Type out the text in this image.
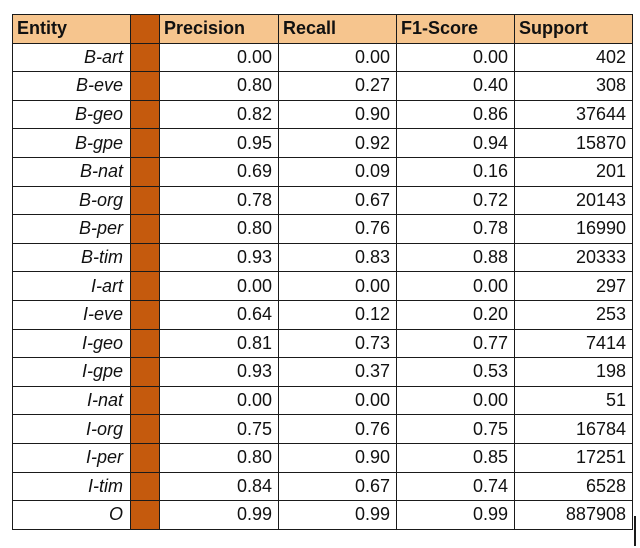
Entity		Precision	Recall	F1-Score	Support
B-art		0.00	0.00	0.00	402
B-eve		0.80	0.27	0.40	308
B-geo		0.82	0.90	0.86	37644
B-gpe		0.95	0.92	0.94	15870
B-nat		0.69	0.09	0.16	201
B-org		0.78	0.67	0.72	20143
B-per		0.80	0.76	0.78	16990
B-tim		0.93	0.83	0.88	20333
I-art		0.00	0.00	0.00	297
I-eve		0.64	0.12	0.20	253
I-geo		0.81	0.73	0.77	7414
I-gpe		0.93	0.37	0.53	198
I-nat		0.00	0.00	0.00	51
I-org		0.75	0.76	0.75	16784
I-per		0.80	0.90	0.85	17251
I-tim		0.84	0.67	0.74	6528
O		0.99	0.99	0.99	887908
